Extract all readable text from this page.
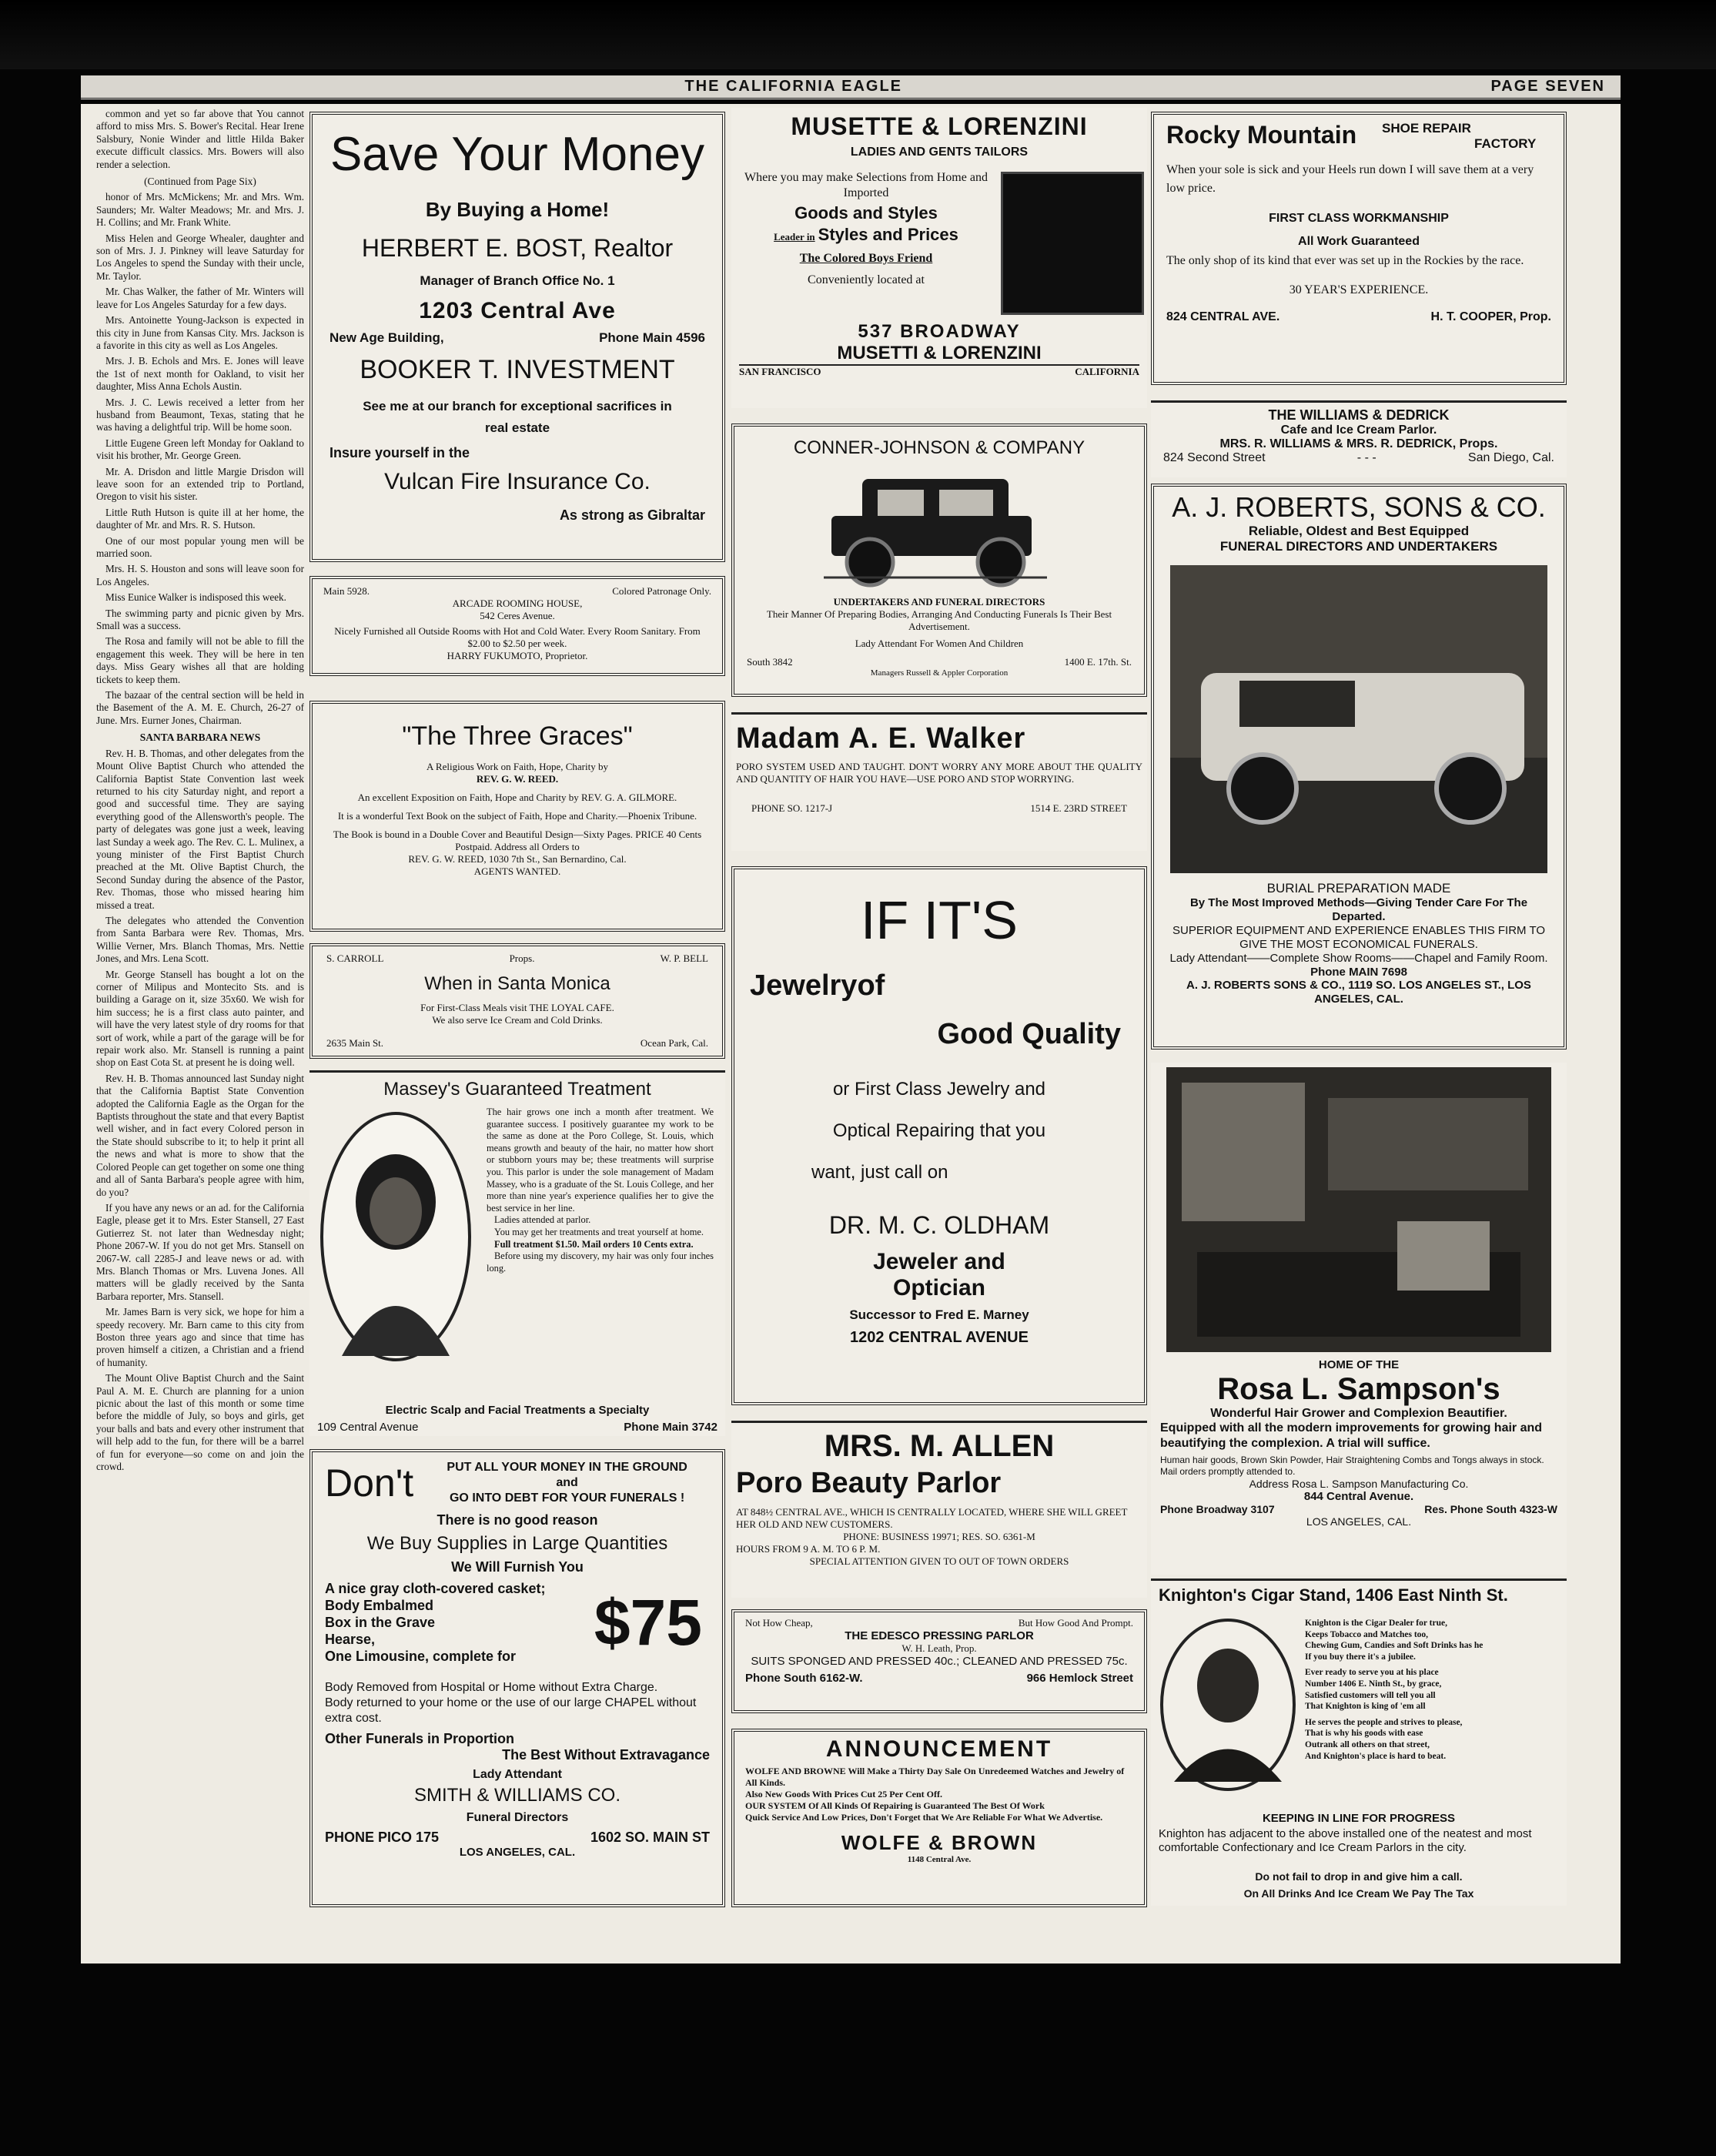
THE CALIFORNIA EAGLE	PAGE SEVEN

common and yet so far above that You cannot afford to miss Mrs. S. Bower's Recital. Hear Irene Salsbury, Nonie Winder and little Hilda Baker execute difficult classics. Mrs. Bowers will also render a selection.

(Continued from Page Six)

honor of Mrs. McMickens; Mr. and Mrs. Wm. Saunders; Mr. Walter Meadows; Mr. and Mrs. J. H. Collins; and Mr. Frank White.

Miss Helen and George Whealer, daughter and son of Mrs. J. J. Pinkney will leave Saturday for Los Angeles to spend the Sunday with their uncle, Mr. Taylor.

Mr. Chas Walker, the father of Mr. Winters will leave for Los Angeles Saturday for a few days.

Mrs. Antoinette Young-Jackson is expected in this city in June from Kansas City. Mrs. Jackson is a favorite in this city as well as Los Angeles.

Mrs. J. B. Echols and Mrs. E. Jones will leave the 1st of next month for Oakland, to visit her daughter, Miss Anna Echols Austin.

Mrs. J. C. Lewis received a letter from her husband from Beaumont, Texas, stating that he was having a delightful trip. Will be home soon.

Little Eugene Green left Monday for Oakland to visit his brother, Mr. George Green.

Mr. A. Drisdon and little Margie Drisdon will leave soon for an extended trip to Portland, Oregon to visit his sister.

Little Ruth Hutson is quite ill at her home, the daughter of Mr. and Mrs. R. S. Hutson.

One of our most popular young men will be married soon.

Mrs. H. S. Houston and sons will leave soon for Los Angeles.

Miss Eunice Walker is indisposed this week.

The swimming party and picnic given by Mrs. Small was a success.

The Rosa and family will not be able to fill the engagement this week. They will be here in ten days. Miss Geary wishes all that are holding tickets to keep them.

The bazaar of the central section will be held in the Basement of the A. M. E. Church, 26-27 of June. Mrs. Eurner Jones, Chairman.

SANTA BARBARA NEWS

Rev. H. B. Thomas, and other delegates from the Mount Olive Baptist Church who attended the California Baptist State Convention last week returned to his city Saturday night, and report a good and successful time. They are saying everything good of the Allensworth's people. The party of delegates was gone just a week, leaving last Sunday a week ago. The Rev. C. L. Mulinex, a young minister of the First Baptist Church preached at the Mt. Olive Baptist Church, the Second Sunday during the absence of the Pastor, Rev. Thomas, those who missed hearing him missed a treat.

The delegates who attended the Convention from Santa Barbara were Rev. Thomas, Mrs. Willie Verner, Mrs. Blanch Thomas, Mrs. Nettie Jones, and Mrs. Lena Scott.

Mr. George Stansell has bought a lot on the corner of Milipus and Montecito Sts. and is building a Garage on it, size 35x60. We wish for him success; he is a first class auto painter, and will have the very latest style of dry rooms for that sort of work, while a part of the garage will be for repair work also. Mr. Stansell is running a paint shop on East Cota St. at present he is doing well.

Rev. H. B. Thomas announced last Sunday night that the California Baptist State Convention adopted the California Eagle as the Organ for the Baptists throughout the state and that every Baptist well wisher, and in fact every Colored person in the State should subscribe to it; to help it print all the news and what is more to show that the Colored People can get together on some one thing and all of Santa Barbara's people agree with him, do you?

If you have any news or an ad. for the California Eagle, please get it to Mrs. Ester Stansell, 27 East Gutierrez St. not later than Wednesday night; Phone 2067-W. If you do not get Mrs. Stansell on 2067-W. call 2285-J and leave news or ad. with Mrs. Blanch Thomas or Mrs. Luvena Jones. All matters will be gladly received by the Santa Barbara reporter, Mrs. Stansell.

Mr. James Barn is very sick, we hope for him a speedy recovery. Mr. Barn came to this city from Boston three years ago and since that time has proven himself a citizen, a Christian and a friend of humanity.

The Mount Olive Baptist Church and the Saint Paul A. M. E. Church are planning for a union picnic about the last of this month or some time before the middle of July, so boys and girls, get your balls and bats and every other instrument that will help add to the fun, for there will be a barrel of fun for everyone—so come on and join the crowd.

Save Your Money
By Buying a Home!
HERBERT E. BOST, Realtor
Manager of Branch Office No. 1
1203 Central Ave
New Age Building,	Phone Main 4596
BOOKER T. INVESTMENT
See me at our branch for exceptional sacrifices in real estate
Insure yourself in the
Vulcan Fire Insurance Co.
As strong as Gibraltar
Main 5928.	Colored Patronage Only.
ARCADE ROOMING HOUSE,
542 Ceres Avenue.
Nicely Furnished all Outside Rooms with Hot and Cold Water. Every Room Sanitary. From $2.00 to $2.50 per week.
HARRY FUKUMOTO, Proprietor.
"The Three Graces"
A Religious Work on Faith, Hope, Charity by
REV. G. W. REED.
An excellent Exposition on Faith, Hope and Charity by REV. G. A. GILMORE.
It is a wonderful Text Book on the subject of Faith, Hope and Charity.—Phoenix Tribune.
The Book is bound in a Double Cover and Beautiful Design—Sixty Pages. PRICE 40 Cents Postpaid. Address all Orders to
REV. G. W. REED, 1030 7th St., San Bernardino, Cal.
AGENTS WANTED.
S. CARROLL	Props.	W. P. BELL
When in Santa Monica
For First-Class Meals visit THE LOYAL CAFE.
We also serve Ice Cream and Cold Drinks.
2635 Main St.	Ocean Park, Cal.
Massey's Guaranteed Treatment
The hair grows one inch a month after treatment. We guarantee success. I positively guarantee my work to be the same as done at the Poro College, St. Louis, which means growth and beauty of the hair, no matter how short or stubborn yours may be; these treatments will surprise you. This parlor is under the sole management of Madam Massey, who is a graduate of the St. Louis College, and her more than nine year's experience qualifies her to give the best service in her line.
Ladies attended at parlor.
You may get her treatments and treat yourself at home.
Full treatment $1.50. Mail orders 10 Cents extra.
Before using my discovery, my hair was only four inches long.
Electric Scalp and Facial Treatments a Specialty
109 Central Avenue	Phone Main 3742
Don't	PUT ALL YOUR MONEY IN THE GROUND
and
GO INTO DEBT FOR YOUR FUNERALS !
There is no good reason
We Buy Supplies in Large Quantities
We Will Furnish You
A nice gray cloth-covered casket;
Body Embalmed
Box in the Grave
Hearse,
One Limousine, complete for	$75
Body Removed from Hospital or Home without Extra Charge.
Body returned to your home or the use of our large CHAPEL without extra cost.
Other Funerals in Proportion
The Best Without Extravagance
Lady Attendant
SMITH & WILLIAMS CO.
Funeral Directors
PHONE PICO 175	1602 SO. MAIN ST
LOS ANGELES, CAL.
MUSETTE & LORENZINI
LADIES AND GENTS TAILORS
Where you may make Selections from Home and Imported
Goods and Styles
Leader in Styles and Prices
The Colored Boys Friend
Conveniently located at
537 BROADWAY
MUSETTI & LORENZINI
SAN FRANCISCO	CALIFORNIA
CONNER-JOHNSON & COMPANY
UNDERTAKERS AND FUNERAL DIRECTORS
Their Manner Of Preparing Bodies, Arranging And Conducting Funerals Is Their Best Advertisement.
Lady Attendant For Women And Children
South 3842	1400 E. 17th. St.
Managers Russell & Appler Corporation
Madam A. E. Walker
PORO SYSTEM USED AND TAUGHT. DON'T WORRY ANY MORE ABOUT THE QUALITY AND QUANTITY OF HAIR YOU HAVE—USE PORO AND STOP WORRYING.
PHONE SO. 1217-J	1514 E. 23RD STREET
IF IT'S
Jewelryof
Good Quality
or First Class Jewelry and
Optical Repairing that you
want, just call on
DR. M. C. OLDHAM
Jeweler and
Optician
Successor to Fred E. Marney
1202 CENTRAL AVENUE
MRS. M. ALLEN
Poro Beauty Parlor
AT 848½ CENTRAL AVE., WHICH IS CENTRALLY LOCATED, WHERE SHE WILL GREET HER OLD AND NEW CUSTOMERS.
PHONE: BUSINESS 19971; RES. SO. 6361-M
HOURS FROM 9 A. M. TO 6 P. M.
SPECIAL ATTENTION GIVEN TO OUT OF TOWN ORDERS
Not How Cheap,	But How Good And Prompt.
THE EDESCO PRESSING PARLOR
W. H. Leath, Prop.
SUITS SPONGED AND PRESSED 40c.; CLEANED AND PRESSED 75c.
Phone South 6162-W.	966 Hemlock Street
ANNOUNCEMENT
WOLFE AND BROWNE Will Make a Thirty Day Sale On Unredeemed Watches and Jewelry of All Kinds.
Also New Goods With Prices Cut 25 Per Cent Off.
OUR SYSTEM Of All Kinds Of Repairing is Guaranteed The Best Of Work
Quick Service And Low Prices, Don't Forget that We Are Reliable For What We Advertise.
WOLFE & BROWN
1148 Central Ave.
Rocky Mountain SHOE REPAIR
FACTORY
When your sole is sick and your Heels run down I will save them at a very low price.
FIRST CLASS WORKMANSHIP
All Work Guaranteed
The only shop of its kind that ever was set up in the Rockies by the race.
30 YEAR'S EXPERIENCE.
824 CENTRAL AVE.	H. T. COOPER, Prop.
THE WILLIAMS & DEDRICK
Cafe and Ice Cream Parlor.
MRS. R. WILLIAMS & MRS. R. DEDRICK, Props.
824 Second Street	- - -	San Diego, Cal.
A. J. ROBERTS, SONS & CO.
Reliable, Oldest and Best Equipped
FUNERAL DIRECTORS AND UNDERTAKERS
BURIAL PREPARATION MADE
By The Most Improved Methods—Giving Tender Care For The Departed.
SUPERIOR EQUIPMENT AND EXPERIENCE ENABLES THIS FIRM TO GIVE THE MOST ECONOMICAL FUNERALS.
Lady Attendant——Complete Show Rooms——Chapel and Family Room.
Phone MAIN 7698
A. J. ROBERTS SONS & CO., 1119 SO. LOS ANGELES ST., LOS ANGELES, CAL.
HOME OF THE
Rosa L. Sampson's
Wonderful Hair Grower and Complexion Beautifier.
Equipped with all the modern improvements for growing hair and beautifying the complexion. A trial will suffice.
Human hair goods, Brown Skin Powder, Hair Straightening Combs and Tongs always in stock. Mail orders promptly attended to.
Address Rosa L. Sampson Manufacturing Co.
844 Central Avenue.
Phone Broadway 3107	Res. Phone South 4323-W
LOS ANGELES, CAL.
Knighton's Cigar Stand, 1406 East Ninth St.
Knighton is the Cigar Dealer for true,
Keeps Tobacco and Matches too,
Chewing Gum, Candies and Soft Drinks has he
If you buy there it's a jubilee.
Ever ready to serve you at his place
Number 1406 E. Ninth St., by grace,
Satisfied customers will tell you all
That Knighton is king of 'em all
He serves the people and strives to please,
That is why his goods with ease
Outrank all others on that street,
And Knighton's place is hard to beat.
KEEPING IN LINE FOR PROGRESS
Knighton has adjacent to the above installed one of the neatest and most comfortable Confectionary and Ice Cream Parlors in the city.
Do not fail to drop in and give him a call.
On All Drinks And Ice Cream We Pay The Tax
